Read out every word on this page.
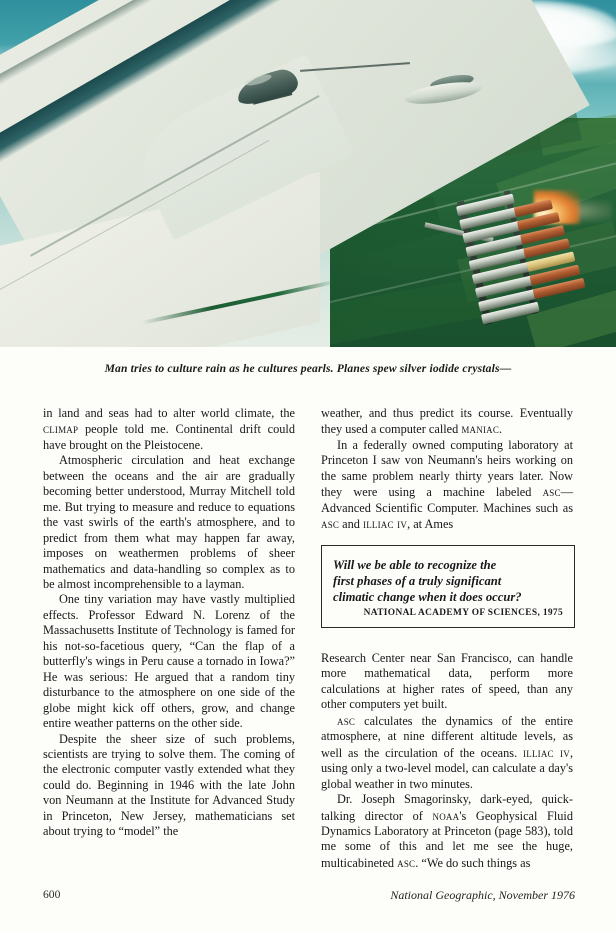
Man tries to culture rain as he cultures pearls. Planes spew silver iodide crystals—

in land and seas had to alter world climate, the climap people told me. Continental drift could have brought on the Pleistocene.

Atmospheric circulation and heat exchange between the oceans and the air are gradually becoming better understood, Murray Mitchell told me. But trying to measure and reduce to equations the vast swirls of the earth's atmosphere, and to predict from them what may happen far away, imposes on weathermen problems of sheer mathematics and data-handling so complex as to be almost incomprehensible to a layman.

One tiny variation may have vastly multiplied effects. Professor Edward N. Lorenz of the Massachusetts Institute of Technology is famed for his not-so-facetious query, “Can the flap of a butterfly's wings in Peru cause a tornado in Iowa?” He was serious: He argued that a random tiny disturbance to the atmosphere on one side of the globe might kick off others, grow, and change entire weather patterns on the other side.

Despite the sheer size of such problems, scientists are trying to solve them. The coming of the electronic computer vastly extended what they could do. Beginning in 1946 with the late John von Neumann at the Institute for Advanced Study in Princeton, New Jersey, mathematicians set about trying to “model” the

weather, and thus predict its course. Eventually they used a computer called maniac.

In a federally owned computing laboratory at Princeton I saw von Neumann's heirs working on the same problem nearly thirty years later. Now they were using a machine labeled asc—Advanced Scientific Computer. Machines such as asc and illiac iv, at Ames

Will we be able to recognize the
first phases of a truly significant
climatic change when it does occur?
NATIONAL ACADEMY OF SCIENCES, 1975

Research Center near San Francisco, can handle more mathematical data, perform more calculations at higher rates of speed, than any other computers yet built.

asc calculates the dynamics of the entire atmosphere, at nine different altitude levels, as well as the circulation of the oceans. illiac iv, using only a two-level model, can calculate a day's global weather in two minutes.

Dr. Joseph Smagorinsky, dark-eyed, quick-talking director of noaa's Geophysical Fluid Dynamics Laboratory at Princeton (page 583), told me some of this and let me see the huge, multicabineted asc. “We do such things as

600	National Geographic, November 1976
